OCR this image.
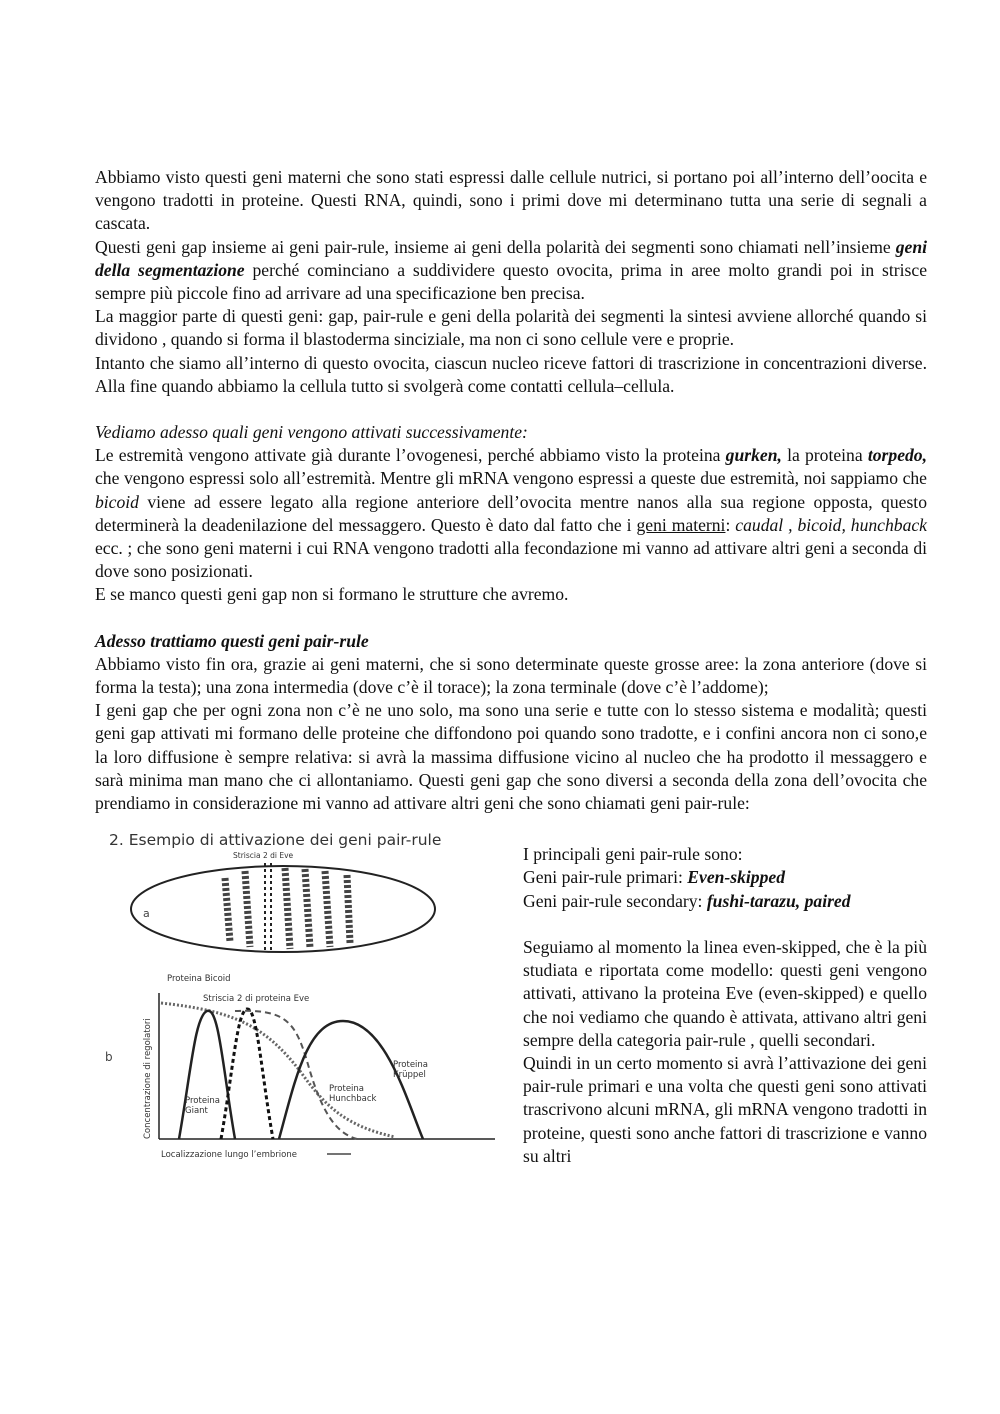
Abbiamo visto questi geni materni che sono stati espressi dalle cellule nutrici, si portano poi all’interno dell’oocita e vengono tradotti in proteine. Questi RNA, quindi, sono i primi dove mi determinano tutta una serie di segnali a cascata.

Questi geni gap insieme ai geni pair-rule, insieme ai geni della polarità dei segmenti sono chiamati nell’insieme geni della segmentazione perché cominciano a suddividere questo ovocita, prima in aree molto grandi poi in strisce sempre più piccole fino ad arrivare ad una specificazione ben precisa.

La maggior parte di questi geni: gap, pair-rule e geni della polarità dei segmenti la sintesi avviene allorché quando si dividono , quando si forma il blastoderma sinciziale, ma non ci sono cellule vere e proprie.

Intanto che siamo all’interno di questo ovocita, ciascun nucleo riceve fattori di trascrizione in concentrazioni diverse. Alla fine quando abbiamo la cellula tutto si svolgerà come contatti cellula–cellula.

Vediamo adesso quali geni vengono attivati successivamente:

Le estremità vengono attivate già durante l’ovogenesi, perché abbiamo visto la proteina gurken, la proteina torpedo, che vengono espressi solo all’estremità. Mentre gli mRNA vengono espressi a queste due estremità, noi sappiamo che bicoid viene ad essere legato alla regione anteriore dell’ovocita mentre nanos alla sua regione opposta, questo determinerà la deadenilazione del messaggero. Questo è dato dal fatto che i geni materni: caudal , bicoid, hunchback ecc. ; che sono geni materni i cui RNA vengono tradotti alla fecondazione mi vanno ad attivare altri geni a seconda di dove sono posizionati.

E se manco questi geni gap non si formano le strutture che avremo.

Adesso trattiamo questi geni pair-rule

Abbiamo visto fin ora, grazie ai geni materni, che si sono determinate queste grosse aree: la zona anteriore (dove si forma la testa); una zona intermedia (dove c’è il torace); la zona terminale (dove c’è l’addome);

I geni gap che per ogni zona non c’è ne uno solo, ma sono una serie e tutte con lo stesso sistema e modalità; questi geni gap attivati mi formano delle proteine che diffondono poi quando sono tradotte, e i confini ancora non ci sono,e la loro diffusione è sempre relativa: si avrà la massima diffusione vicino al nucleo che ha prodotto il messaggero e sarà minima man mano che ci allontaniamo. Questi geni gap che sono diversi a seconda della zona dell’ovocita che prendiamo in considerazione mi vanno ad attivare altri geni che sono chiamati geni pair-rule:

2. Esempio di attivazione dei geni pair-rule
Striscia 2 di Eve
a
b
Proteina Bicoid
Striscia 2 di proteina Eve
Concentrazione di regolatori
Localizzazione lungo l’embrione
Proteina
Krüppel
Proteina
Hunchback
Proteina
Giant

I principali geni pair-rule sono:

Geni pair-rule primari: Even-skipped

Geni pair-rule secondary: fushi-tarazu, paired

Seguiamo al momento la linea even-skipped, che è la più studiata e riportata come modello: questi geni vengono attivati, attivano la proteina Eve (even-skipped) e quello che noi vediamo che quando è attivata, attivano altri geni sempre della categoria pair-rule , quelli secondari.

Quindi in un certo momento si avrà l’attivazione dei geni pair-rule primari e una volta che questi geni sono attivati trascrivono alcuni mRNA, gli mRNA vengono tradotti in proteine, questi sono anche fattori di trascrizione e vanno su altri
